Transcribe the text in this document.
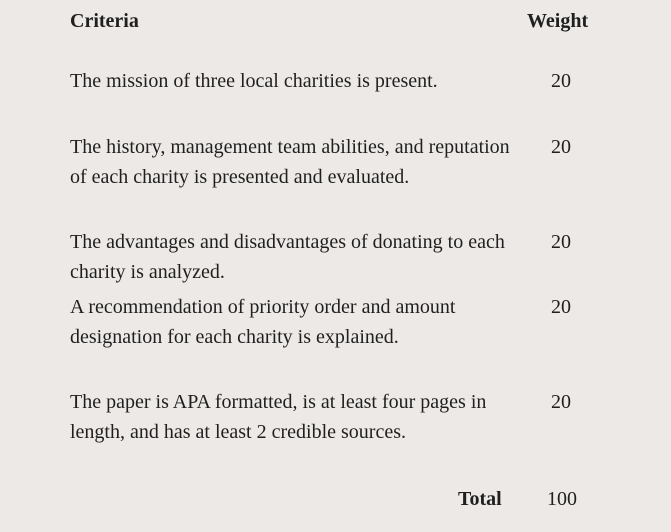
Criteria	Weight
The mission of three local charities is present.	20
The history, management team abilities, and reputation of each charity is presented and evaluated.
20
The advantages and disadvantages of donating to each charity is analyzed.
20
A recommendation of priority order and amount designation for each charity is explained.
20
The paper is APA formatted, is at least four pages in length, and has at least 2 credible sources.
20
Total 100
